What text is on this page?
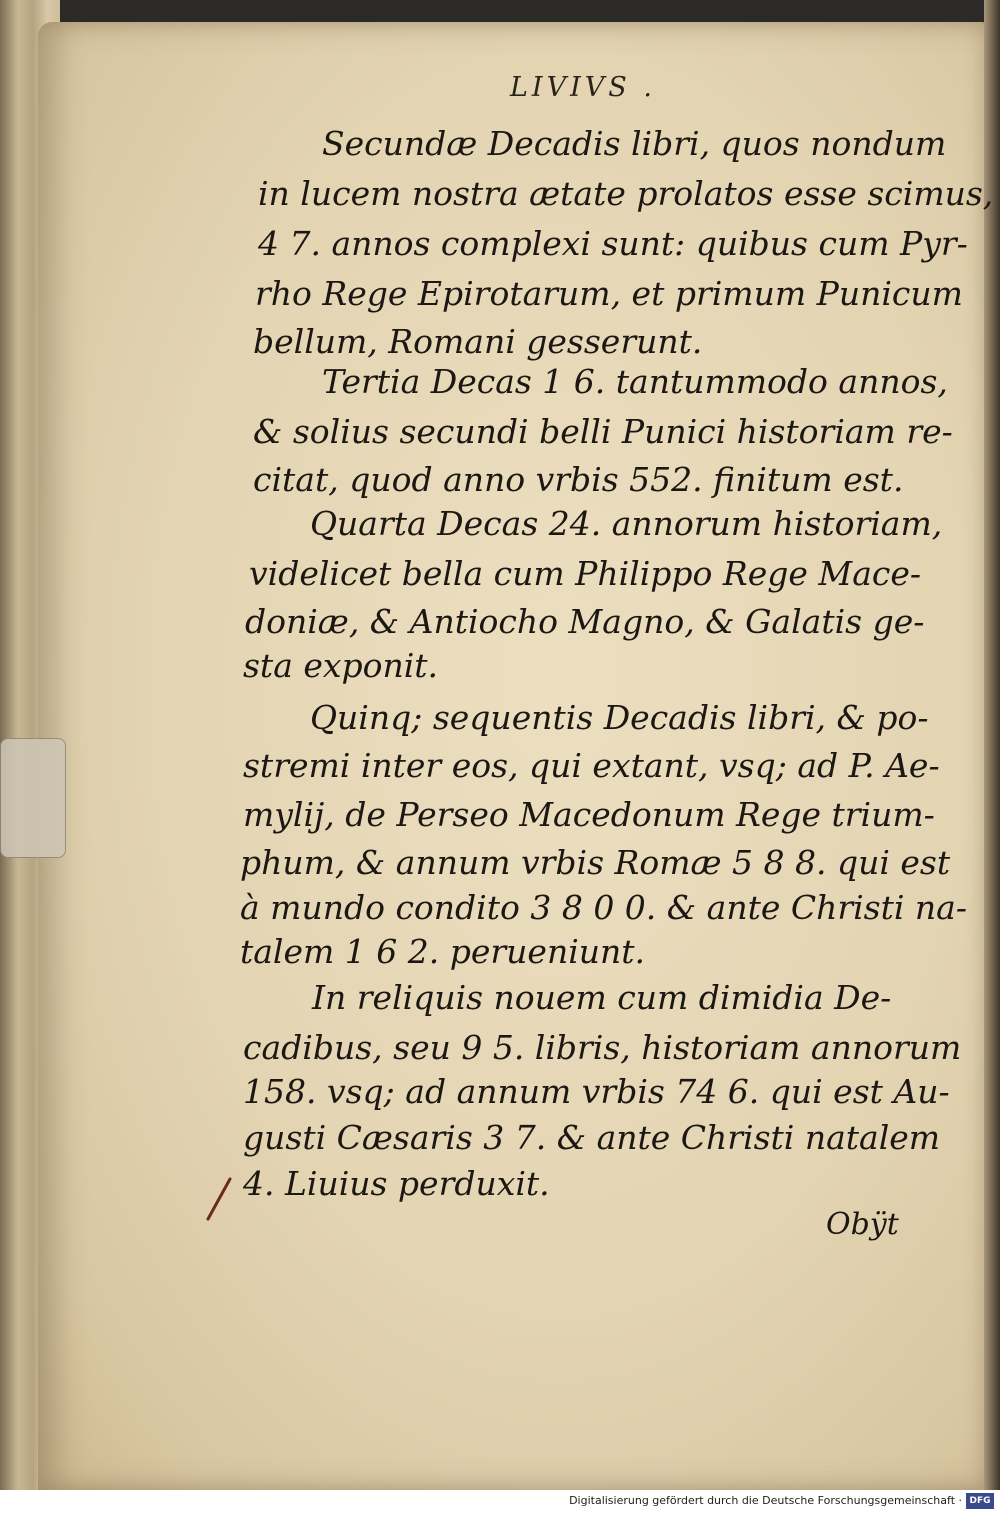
LIVIVS .
Secundæ Decadis libri, quos nondum
in lucem nostra ætate prolatos esse scimus,
4 7. annos complexi sunt: quibus cum Pyr-
rho Rege Epirotarum, et primum Punicum
bellum, Romani gesserunt.
Tertia Decas 1 6. tantummodo annos,
& solius secundi belli Punici historiam re-
citat, quod anno vrbis 552. finitum est.
Quarta Decas 24. annorum historiam,
videlicet bella cum Philippo Rege Mace-
doniæ, & Antiocho Magno, & Galatis ge-
sta exponit.
Quinq; sequentis Decadis libri, & po-
stremi inter eos, qui extant, vsq; ad P. Ae-
mylij, de Perseo Macedonum Rege trium-
phum, & annum vrbis Romæ 5 8 8. qui est
à mundo condito 3 8 0 0. & ante Christi na-
talem 1 6 2. perueniunt.
In reliquis nouem cum dimidia De-
cadibus, seu 9 5. libris, historiam annorum
158. vsq; ad annum vrbis 74 6. qui est Au-
gusti Cæsaris 3 7. & ante Christi natalem
4. Liuius perduxit.
Obÿt
Digitalisierung gefördert durch die Deutsche Forschungsgemeinschaft · DFG
